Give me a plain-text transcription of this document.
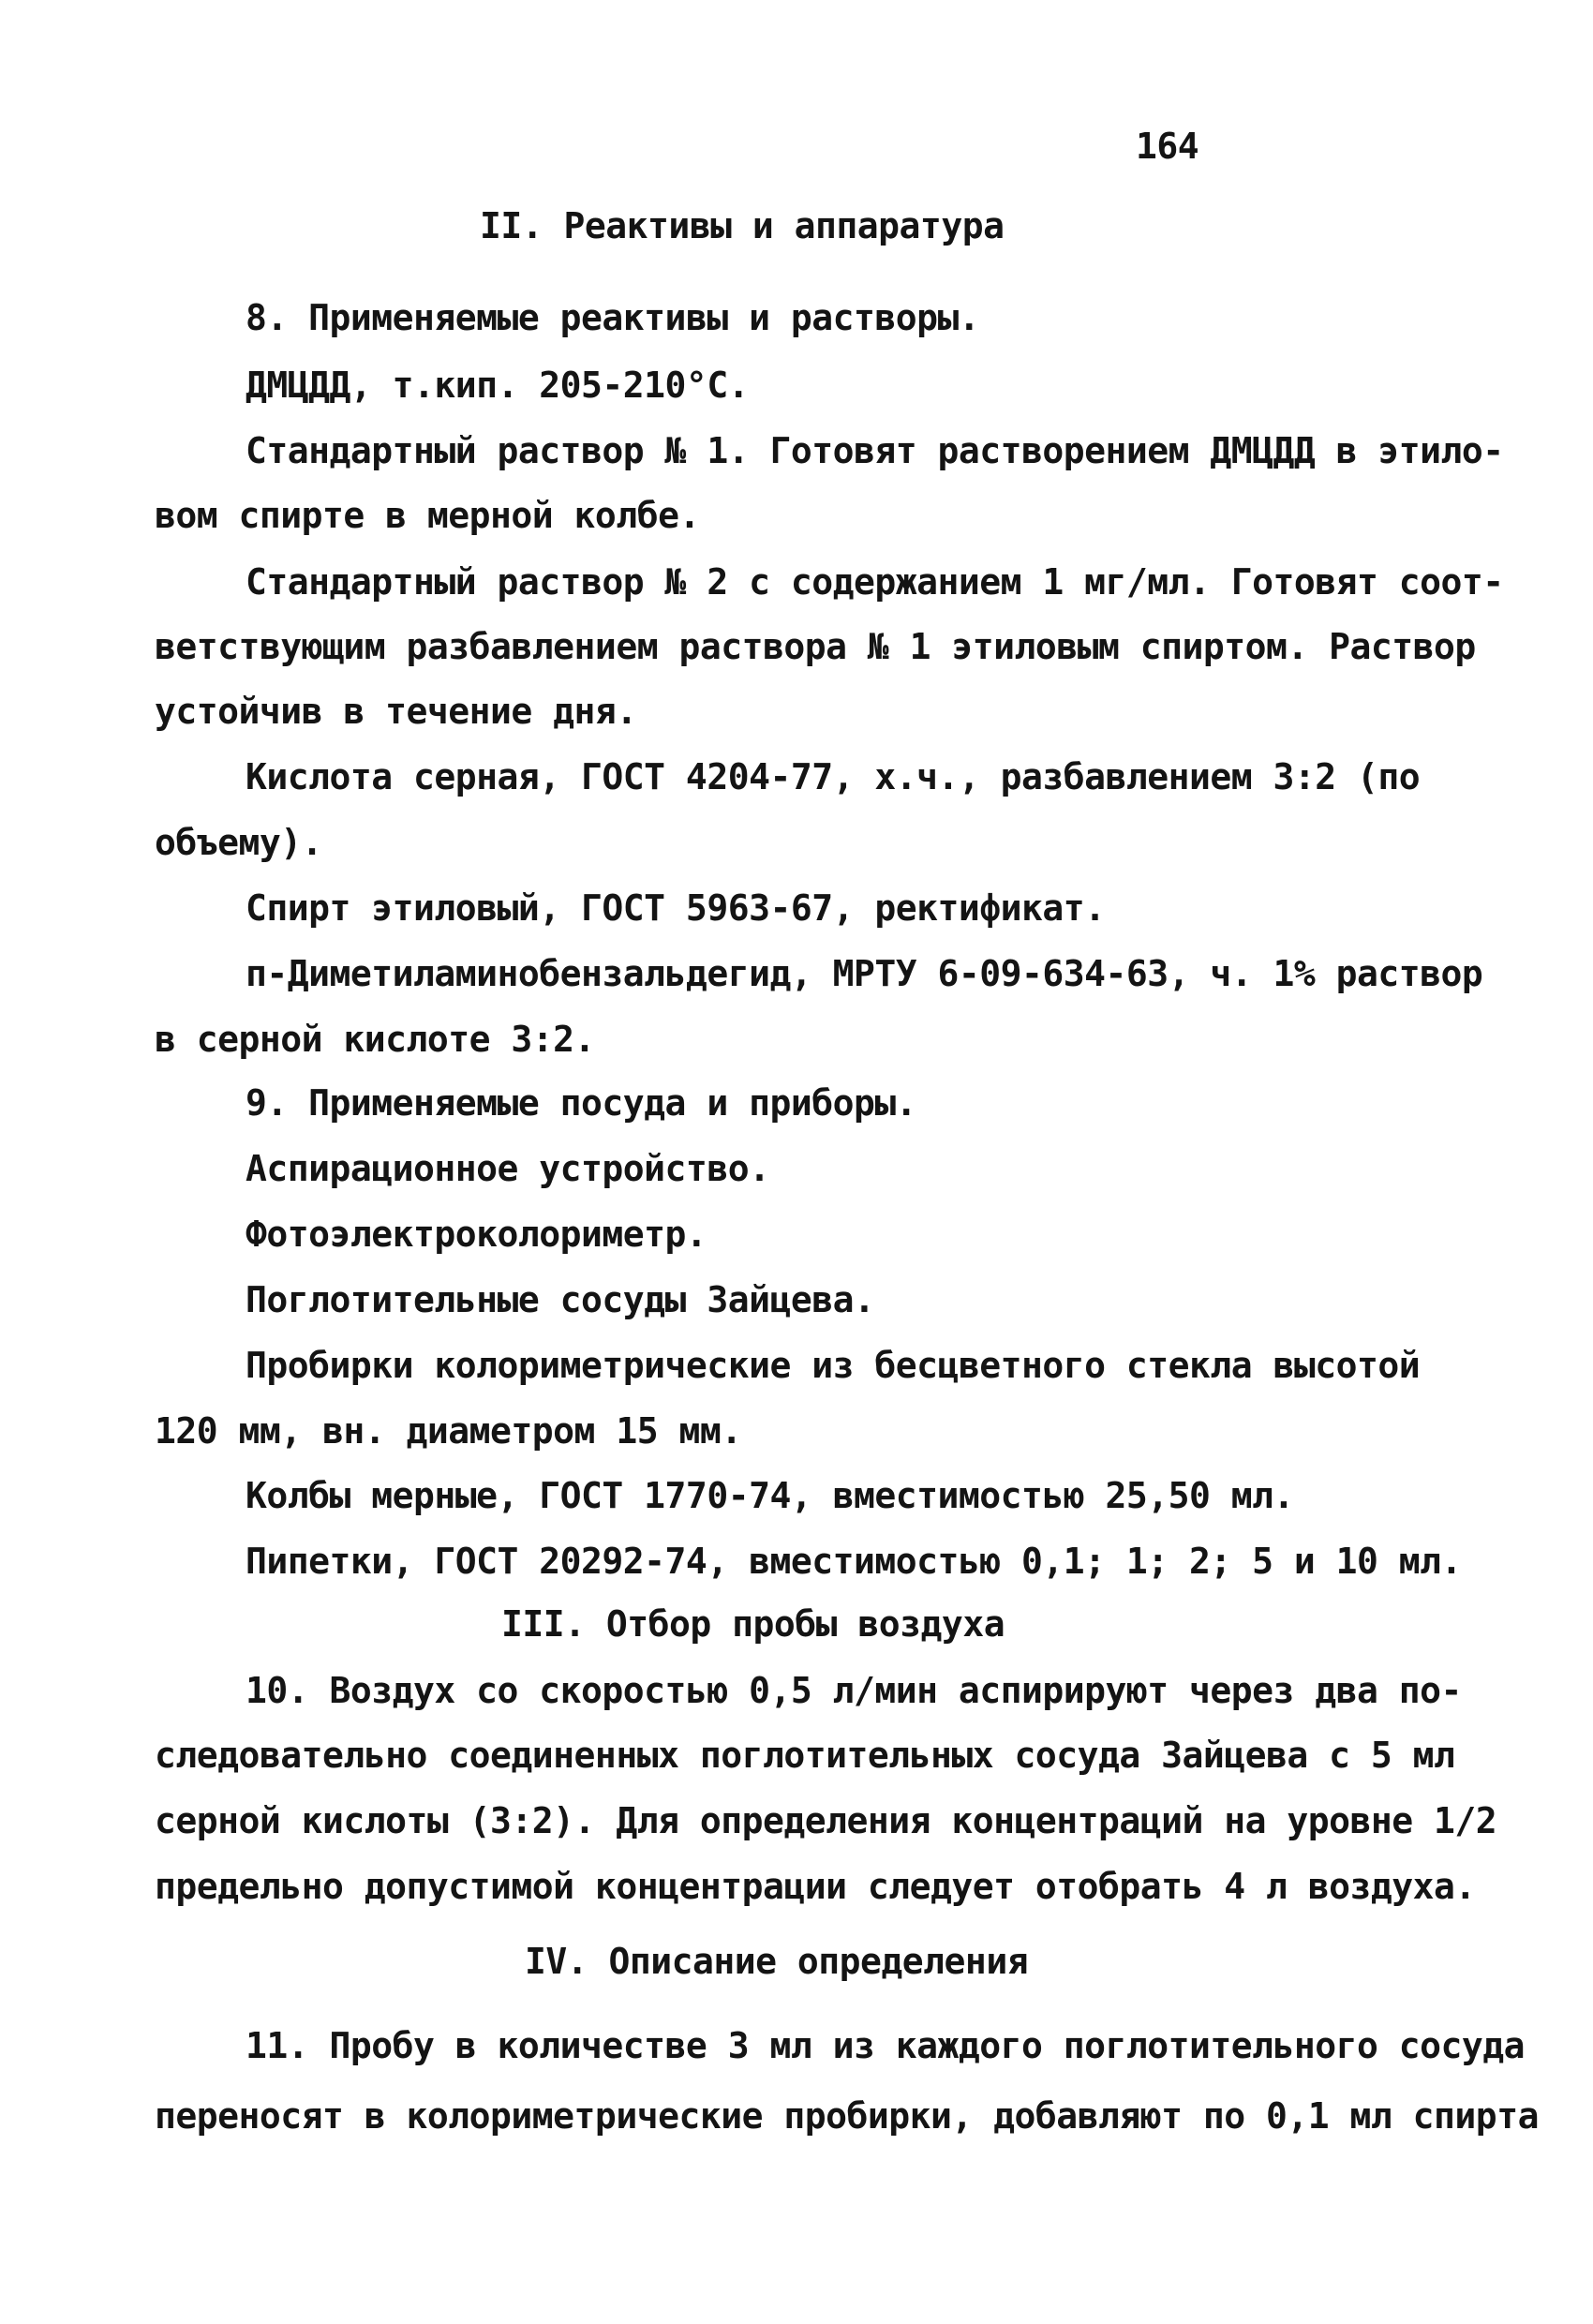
164
II. Реактивы и аппаратура
8. Применяемые реактивы и растворы.
ДМЦДД, т.кип. 205-210°С.
Стандартный раствор № 1. Готовят растворением ДМЦДД в этило-
вом спирте в мерной колбе.
Стандартный раствор № 2 с содержанием 1 мг/мл. Готовят соот-
ветствующим разбавлением раствора № 1 этиловым спиртом. Раствор
устойчив в течение дня.
Кислота серная, ГОСТ 4204-77, х.ч., разбавлением 3:2 (по
объему).
Спирт этиловый, ГОСТ 5963-67, ректификат.
п-Диметиламинобензальдегид, МРТУ 6-09-634-63, ч. 1% раствор
в серной кислоте 3:2.
9. Применяемые посуда и приборы.
Аспирационное устройство.
Фотоэлектроколориметр.
Поглотительные сосуды Зайцева.
Пробирки колориметрические из бесцветного стекла высотой
120 мм, вн. диаметром 15 мм.
Колбы мерные, ГОСТ 1770-74, вместимостью 25,50 мл.
Пипетки, ГОСТ 20292-74, вместимостью 0,1; 1; 2; 5 и 10 мл.
III. Отбор пробы воздуха
10. Воздух со скоростью 0,5 л/мин аспирируют через два по-
следовательно соединенных поглотительных сосуда Зайцева с 5 мл
серной кислоты (3:2). Для определения концентраций на уровне 1/2
предельно допустимой концентрации следует отобрать 4 л воздуха.
IV. Описание определения
11. Пробу в количестве 3 мл из каждого поглотительного сосуда
переносят в колориметрические пробирки, добавляют по 0,1 мл спирта
